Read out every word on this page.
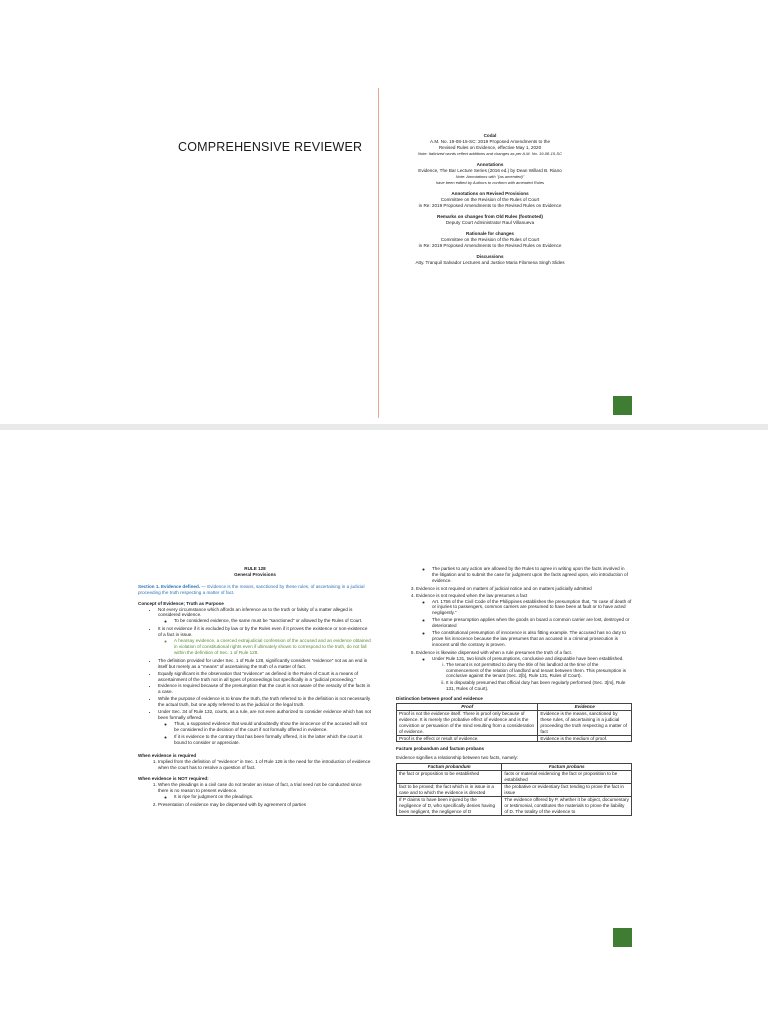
COMPREHENSIVE REVIEWER
Codal
A.M. No. 19-08-15-SC: 2019 Proposed Amendments to the
Revised Rules on Evidence, effective May 1, 2020
Note: Italicized words reflect additions and changes as per A.M. No. 19-08-15-SC
Annotations
Evidence, The Bar Lecture Series (2016 ed.) by Dean Willard B. Riano
Note: Annotations with "(as amended)"
have been edited by Authors to conform with amended Rules
Annotations on Revised Provisions
Committee on the Revision of the Rules of Court
in Re: 2019 Proposed Amendments to the Revised Rules on Evidence
Remarks on changes from Old Rules (footnoted)
Deputy Court Administrator Raul Villanueva
Rationale for changes
Committee on the Revision of the Rules of Court
in Re: 2019 Proposed Amendments to the Revised Rules on Evidence
Discussions
Atty. Tranquil Salvador Lectures and Justice Maria Filomena Singh Slides
RULE 128
General Provisions

Section 1. Evidence defined. — Evidence is the means, sanctioned by these rules, of ascertaining in a judicial proceeding the truth respecting a matter of fact.

Concept of Evidence; Truth as Purpose
• Not every circumstance which affords an inference as to the truth or falsity of a matter alleged is considered evidence.
◦ To be considered evidence, the same must be "sanctioned" or allowed by the Rules of Court.
• It is not evidence if it is excluded by law or by the Rules even if it proves the existence or non-existence of a fact in issue.
◦ A hearsay evidence, a coerced extrajudicial confession of the accused and an evidence obtained in violation of constitutional rights even if ultimately shown to correspond to the truth, do not fall within the definition of Sec. 1 of Rule 128.
• The definition provided for under Sec. 1 of Rule 128, significantly considers "evidence" not as an end in itself but merely as a "means" of ascertaining the truth of a matter of fact.
• Equally significant is the observation that "evidence" as defined in the Rules of Court is a means of ascertainment of the truth not in all types of proceedings but specifically in a "judicial proceeding."
• Evidence is required because of the presumption that the court is not aware of the veracity of the facts in a case.
• While the purpose of evidence is to know the truth, the truth referred to in the definition is not necessarily the actual truth, but one aptly referred to as the judicial or the legal truth.
• Under Sec. 34 of Rule 132, courts, as a rule, are not even authorized to consider evidence which has not been formally offered.
◦ Thus, a supposed evidence that would undoubtedly show the innocence of the accused will not be considered in the decision of the court if not formally offered in evidence.
◦ If it is evidence to the contrary that has been formally offered, it is the latter which the court is bound to consider or appreciate.
When evidence is required
1. Implied from the definition of "evidence" in Sec. 1 of Rule 128 is the need for the introduction of evidence when the court has to resolve a question of fact.
When evidence is NOT required:
1. When the pleadings in a civil case do not tender an issue of fact, a trial need not be conducted since there is no reason to present evidence.
◦ It is ripe for judgment on the pleadings.
2. Presentation of evidence may be dispensed with by agreement of parties
◦ The parties to any action are allowed by the Rules to agree in writing upon the facts involved in the litigation and to submit the case for judgment upon the facts agreed upon, w/o introduction of evidence.
3. Evidence is not required on matters of judicial notice and on matters judicially admitted
4. Evidence is not required when the law presumes a fact
◦ Art. 1756 of the Civil Code of the Philippines establishes the presumption that, "In case of death of or injuries to passengers, common carriers are presumed to have been at fault or to have acted negligently."
◦ The same presumption applies when the goods on board a common carrier are lost, destroyed or deteriorated
◦ The constitutional presumption of innocence is also fitting example. The accused has no duty to prove his innocence because the law presumes that an accused in a criminal prosecution is innocent until the contrary is proven.
5. Evidence is likewise dispensed with when a rule presumes the truth of a fact.
◦ Under Rule 131, two kinds of presumptions, conclusive and disputable have been established.
i. The tenant is not permitted to deny the title of his landlord at the time of the commencement of the relation of landlord and tenant between them. This presumption is conclusive against the tenant (Sec. 2[b], Rule 131, Rules of Court).
ii. It is disputably presumed that official duty has been regularly performed (Sec. 3[m], Rule 131, Rules of Court).
Distinction between proof and evidence
Proof	Evidence
Proof is not the evidence itself. There is proof only because of evidence. It is merely the probative effect of evidence and is the conviction or persuasion of the mind resulting from a consideration of evidence.	Evidence is the means, sanctioned by these rules, of ascertaining in a judicial proceeding the truth respecting a matter of fact
Proof is the effect or result of evidence.	Evidence is the medium of proof.
Factum probandum and factum probans

Evidence signifies a relationship between two facts, namely:

Factum probandum	Factum probans
the fact or proposition to be established	facts or material evidencing the fact or proposition to be established
fact to be proved; the fact which is in issue in a case and to which the evidence is directed	the probative or evidentiary fact tending to prove the fact in issue
If P claims to have been injured by the negligence of D, who specifically denies having been negligent, the negligence of D	The evidence offered by P, whether it be object, documentary or testimonial, constitutes the materials to prove the liability of D. The totality of the evidence to
